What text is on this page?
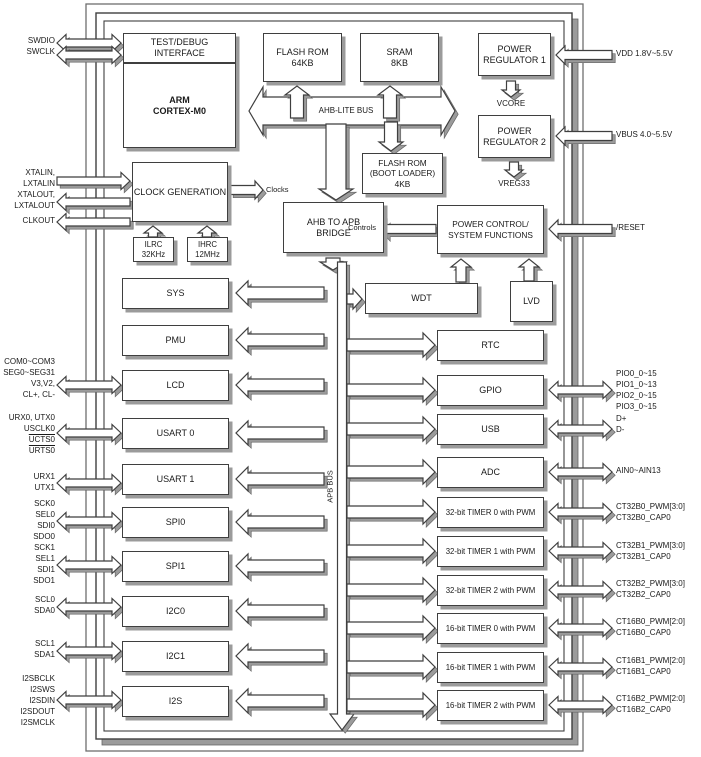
TEST/DEBUG
INTERFACE
ARM
CORTEX-M0
FLASH ROM
64KB
SRAM
8KB
POWER
REGULATOR 1
POWER
REGULATOR 2
CLOCK GENERATION
ILRC
32KHz
IHRC
12MHz
FLASH ROM
(BOOT LOADER)
4KB
AHB TO APB
BRIDGE
POWER CONTROL/
SYSTEM FUNCTIONS
WDT	LVD
SYS
PMU
LCD
USART 0
USART 1
SPI0
SPI1
I2C0
I2C1
I2S
RTC
GPIO
USB
ADC
32-bit TIMER 0 with PWM
32-bit TIMER 1 with PWM
32-bit TIMER 2 with PWM
16-bit TIMER 0 with PWM
16-bit TIMER 1 with PWM
16-bit TIMER 2 with PWM
AHB-LITE BUS
APB BUS
Clocks
Controls
VCORE
VREG33
SWDIO
SWCLK
XTALIN,
LXTALIN
XTALOUT,
LXTALOUT
CLKOUT
COM0~COM3
SEG0~SEG31
V3,V2,
CL+, CL-
URX0, UTX0
USCLK0
UCTS0
URTS0
URX1
UTX1
SCK0
SEL0
SDI0
SDO0
SCK1
SEL1
SDI1
SDO1
SCL0
SDA0
SCL1
SDA1
I2SBCLK
I2SWS
I2SDIN
I2SDOUT
I2SMCLK
VDD 1.8V~5.5V
VBUS 4.0~5.5V
/RESET
PIO0_0~15
PIO1_0~13
PIO2_0~15
PIO3_0~15
D+
D-
AIN0~AIN13
CT32B0_PWM[3:0]
CT32B0_CAP0
CT32B1_PWM[3:0]
CT32B1_CAP0
CT32B2_PWM[3:0]
CT32B2_CAP0
CT16B0_PWM[2:0]
CT16B0_CAP0
CT16B1_PWM[2:0]
CT16B1_CAP0
CT16B2_PWM[2:0]
CT16B2_CAP0
